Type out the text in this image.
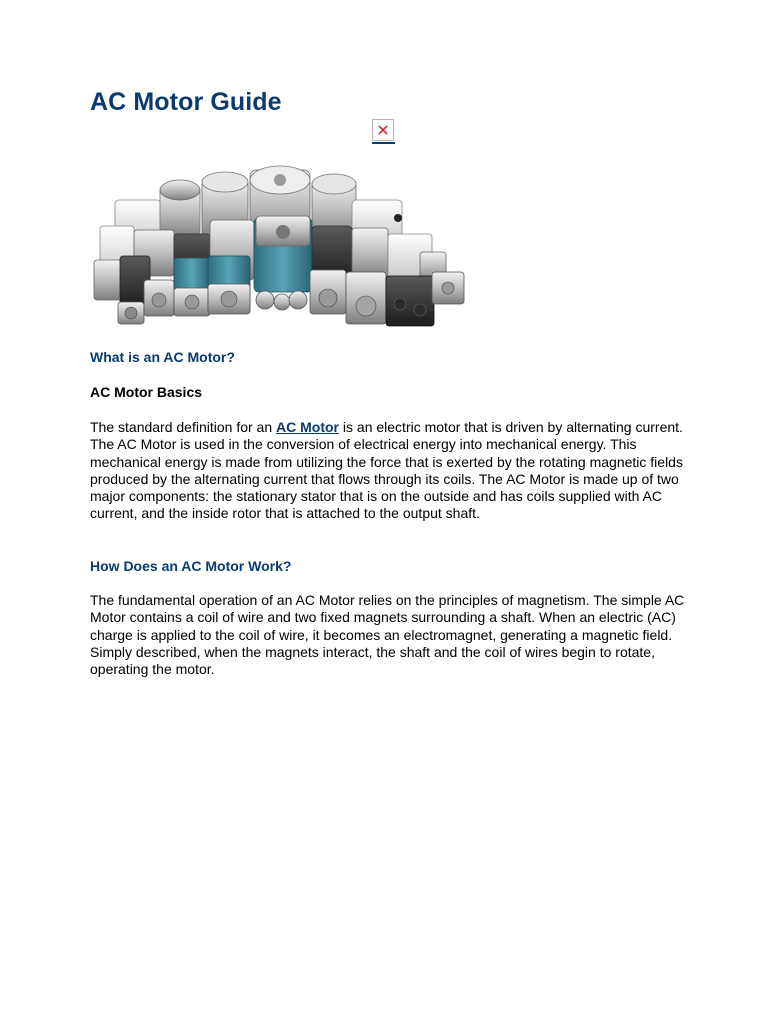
AC Motor Guide
What is an AC Motor?
AC Motor Basics

The standard definition for an AC Motor is an electric motor that is driven by alternating current. The AC Motor is used in the conversion of electrical energy into mechanical energy. This mechanical energy is made from utilizing the force that is exerted by the rotating magnetic fields produced by the alternating current that flows through its coils. The AC Motor is made up of two major components: the stationary stator that is on the outside and has coils supplied with AC current, and the inside rotor that is attached to the output shaft.

How Does an AC Motor Work?

The fundamental operation of an AC Motor relies on the principles of magnetism. The simple AC Motor contains a coil of wire and two fixed magnets surrounding a shaft. When an electric (AC) charge is applied to the coil of wire, it becomes an electromagnet, generating a magnetic field. Simply described, when the magnets interact, the shaft and the coil of wires begin to rotate, operating the motor.
